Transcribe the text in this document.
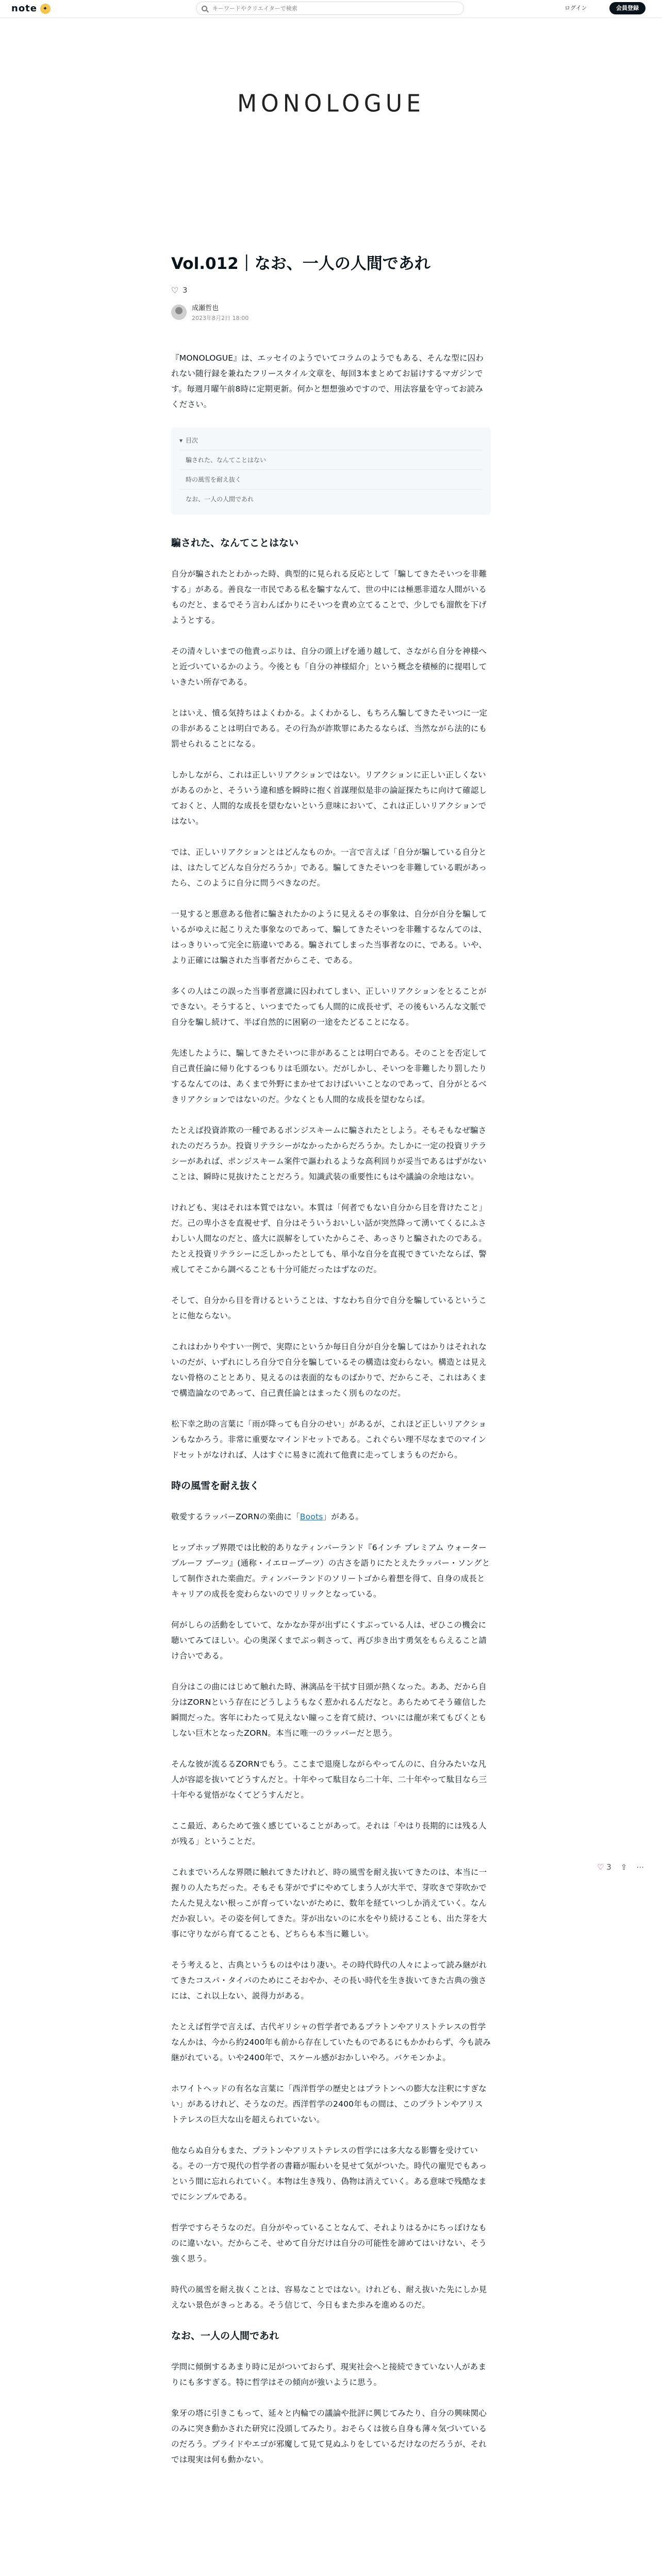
note ✦
キーワードやクリエイターで検索	ログイン	会員登録
MONOLOGUE
Vol.012｜なお、一人の人間であれ
♡ 3
成瀬哲也
2023年8月2日 18:00

『MONOLOGUE』は、エッセイのようでいてコラムのようでもある、そんな型に囚われない随行録を兼ねたフリースタイル文章を、毎回3本まとめてお届けするマガジンです。毎週月曜午前8時に定期更新。何かと想想強めですので、用法容量を守ってお読みください。

▾ 目次
騙された、なんてことはない
時の風雪を耐え抜く
なお、一人の人間であれ
騙された、なんてことはない

自分が騙されたとわかった時、典型的に見られる反応として「騙してきたそいつを非難する」がある。善良な一市民である私を騙すなんて、世の中には極悪非道な人間がいるものだと、まるでそう言わんばかりにそいつを責め立てることで、少しでも溜飲を下げようとする。

その清々しいまでの他責っぷりは、自分の頭上げを通り越して、さながら自分を神様へと近づいているかのよう。今後とも「自分の神様紹介」という概念を積極的に提唱していきたい所存である。

とはいえ、憤る気持ちはよくわかる。よくわかるし、もちろん騙してきたそいつに一定の非があることは明白である。その行為が詐欺罪にあたるならば、当然ながら法的にも罰せられることになる。

しかしながら、これは正しいリアクションではない。リアクションに正しい正しくないがあるのかと、そういう違和感を瞬時に抱く首謀理似是非の論証探たちに向けて確認しておくと、人間的な成長を望むないという意味において、これは正しいリアクションではない。

では、正しいリアクションとはどんなものか。一言で言えば「自分が騙している自分とは、はたしてどんな自分だろうか」である。騙してきたそいつを非難している暇があったら、このように自分に問うべきなのだ。

一見すると悪意ある他者に騙されたかのように見えるその事象は、自分が自分を騙しているがゆえに起こりえた事象なのであって、騙してきたそいつを非難するなんてのは、はっきりいって完全に筋違いである。騙されてしまった当事者なのに、である。いや、より正確には騙された当事者だからこそ、である。

多くの人はこの誤った当事者意識に囚われてしまい、正しいリアクションをとることができない。そうすると、いつまでたっても人間的に成長せず、その後もいろんな文脈で自分を騙し続けて、半ば自然的に困窮の一途をたどることになる。

先述したように、騙してきたそいつに非があることは明白である。そのことを否定して自己責任論に帰り化するつもりは毛頭ない。だがしかし、そいつを非難したり罰したりするなんてのは、あくまで外野にまかせておけばいいことなのであって、自分がとるべきリアクションではないのだ。少なくとも人間的な成長を望むならば。

たとえば投資詐欺の一種であるポンジスキームに騙されたとしよう。そもそもなぜ騙されたのだろうか。投資リテラシーがなかったからだろうか。たしかに一定の投資リテラシーがあれば、ポンジスキーム案件で謳われるような高利回りが妥当であるはずがないことは、瞬時に見抜けたことだろう。知識武装の重要性にもはや議論の余地はない。

けれども、実はそれは本質ではない。本質は「何者でもない自分から目を背けたこと」だ。己の卑小さを直視せず、自分はそういうおいしい話が突然降って湧いてくるにふさわしい人間なのだと、盛大に誤解をしていたからこそ、あっさりと騙されたのである。たとえ投資リテラシーに乏しかったとしても、単小な自分を直視できていたならば、警戒してそこから調べることも十分可能だったはずなのだ。

そして、自分から目を背けるということは、すなわち自分で自分を騙しているということに他ならない。

これはわかりやすい一例で、実際にというか毎日自分が自分を騙してはかりはそれれないのだが、いずれにしろ自分で自分を騙しているその構造は変わらない。構造とは見えない骨格のこととあり、見えるのは表面的なものばかりで、だからこそ、これはあくまで構造論なのであって、自己責任論とはまったく別ものなのだ。

松下幸之助の言葉に「雨が降っても自分のせい」があるが、これほど正しいリアクションもなかろう。非常に重要なマインドセットである。これぐらい理不尽なまでのマインドセットがなければ、人はすぐに易きに流れて他責に走ってしまうものだから。

時の風雪を耐え抜く

敬愛するラッパーZORNの楽曲に「Boots」がある。

ヒップホップ界隈では比較的ありなティンバーランド『6インチ プレミアム ウォータープルーフ ブーツ』(通称・イエローブーツ）の古さを語りにたとえたラッパー・ソングとして制作された楽曲だ。ティンバーランドのソリートゴから着想を得て、自身の成長とキャリアの成長を変わらないのでリリックとなっている。

何がしらの活動をしていて、なかなか芽が出ずにくすぶっている人は、ぜひこの機会に聴いてみてほしい。心の奥深くまでぶっ刺さって、再び歩き出す勇気をもらえること請け合いである。

自分はこの曲にはじめて触れた時、淋漓品を干拭す目頭が熱くなった。ああ、だから自分はZORNという存在にどうしようもなく惹かれるんだなと。あらためてそう確信した瞬間だった。客年にわたって見えない瞳っこを育て続け、ついには龍が来てもびくともしない巨木となったZORN。本当に唯一のラッパーだと思う。

そんな彼が流るるZORNでもう。ここまで退廃しながらやってんのに、自分みたいな凡人が容認を抜いてどうすんだと。十年やって駄目なら二十年、二十年やって駄目なら三十年やる覚悟がなくてどうすんだと。

ここ最近、あらためて強く感じていることがあって。それは「やはり長期的には残る人が残る」ということだ。

これまでいろんな界隈に触れてきたけれど、時の風雪を耐え抜いてきたのは、本当に一握りの人たちだった。そもそも芽がでずにやめてしまう人が大半で、芽吹きで芽吹かでたんた見えない根っこが育っていないがために、数年を経ていつしか消えていく。なんだか寂しい。その姿を何してきた。芽が出ないのに水をやり続けることも、出た芽を大事に守りながら育てることも、どちらも本当に難しい。

そう考えると、古典というものはやはり凄い。その時代時代の人々によって読み継がれてきたコスパ・タイパのためにこそおやか、その長い時代を生き抜いてきた古典の強さには、これ以上ない、説得力がある。

たとえば哲学で言えば、古代ギリシャの哲学者であるプラトンやアリストテレスの哲学なんかは、今から約2400年も前から存在していたものであるにもかかわらず、今も読み継がれている。いや2400年で、スケール感がおかしいやろ。バケモンかよ。

ホワイトヘッドの有名な言葉に「西洋哲学の歴史とはプラトンへの膨大な注釈にすぎない」があるけれど、そうなのだ。西洋哲学の2400年もの間は、このプラトンやアリストテレスの巨大な山を超えられていない。

他ならぬ自分もまた、プラトンやアリストテレスの哲学には多大なる影響を受けている。その一方で現代の哲学者の書籍が賑わいを見せて気がついた。時代の寵児でもあっという間に忘れられていく。本物は生き残り、偽物は消えていく。ある意味で残酷なまでにシンプルである。

哲学ですらそうなのだ。自分がやっていることなんて、それよりはるかにちっぽけなものに違いない。だからこそ、せめて自分だけは自分の可能性を諦めてはいけない、そう強く思う。

時代の風雪を耐え抜くことは、容易なことではない。けれども、耐え抜いた先にしか見えない景色がきっとある。そう信じて、今日もまた歩みを進めるのだ。

なお、一人の人間であれ

学問に傾倒するあまり時に足がついておらず、現実社会へと接続できていない人があまりにも多すぎる。特に哲学はその傾向が強いように思う。

象牙の塔に引きこもって、延々と内輪での議論や批評に興じてみたり、自分の興味関心のみに突き動かされた研究に没頭してみたり。おそらくは彼ら自身も薄々気づいているのだろう。プライドやエゴが邪魔して見て見ぬふりをしているだけなのだろうが、それでは現実は何も動かない。

♡ 3 ⇪ ⋯
